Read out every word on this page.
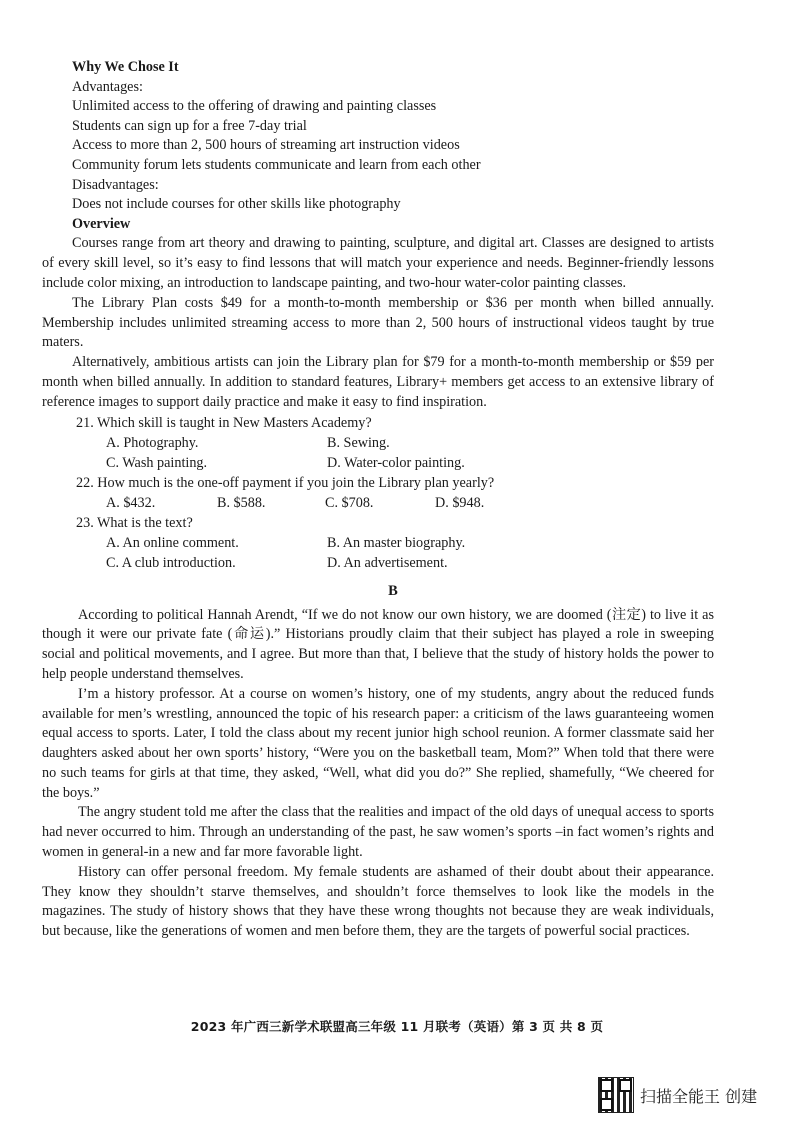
Why We Chose It
Advantages:
Unlimited access to the offering of drawing and painting classes
Students can sign up for a free 7-day trial
Access to more than 2, 500 hours of streaming art instruction videos
Community forum lets students communicate and learn from each other
Disadvantages:
Does not include courses for other skills like photography
Overview

Courses range from art theory and drawing to painting, sculpture, and digital art. Classes are designed to artists of every skill level, so it’s easy to find lessons that will match your experience and needs. Beginner-friendly lessons include color mixing, an introduction to landscape painting, and two-hour water-color painting classes.

The Library Plan costs $49 for a month-to-month membership or $36 per month when billed annually. Membership includes unlimited streaming access to more than 2, 500 hours of instructional videos taught by true maters.

Alternatively, ambitious artists can join the Library plan for $79 for a month-to-month membership or $59 per month when billed annually. In addition to standard features, Library+ members get access to an extensive library of reference images to support daily practice and make it easy to find inspiration.

21. Which skill is taught in New Masters Academy?
A. Photography.	B. Sewing.
C. Wash painting.	D. Water-color painting.
22. How much is the one-off payment if you join the Library plan yearly?
A. $432.	B. $588.	C. $708.	D. $948.
23. What is the text?
A. An online comment.	B. An master biography.
C. A club introduction.	D. An advertisement.
B

According to political Hannah Arendt, “If we do not know our own history, we are doomed (注定) to live it as though it were our private fate (命运).” Historians proudly claim that their subject has played a role in sweeping social and political movements, and I agree. But more than that, I believe that the study of history holds the power to help people understand themselves.

I’m a history professor. At a course on women’s history, one of my students, angry about the reduced funds available for men’s wrestling, announced the topic of his research paper: a criticism of the laws guaranteeing women equal access to sports. Later, I told the class about my recent junior high school reunion. A former classmate said her daughters asked about her own sports’ history, “Were you on the basketball team, Mom?” When told that there were no such teams for girls at that time, they asked, “Well, what did you do?” She replied, shamefully, “We cheered for the boys.”

The angry student told me after the class that the realities and impact of the old days of unequal access to sports had never occurred to him. Through an understanding of the past, he saw women’s sports –in fact women’s rights and women in general-in a new and far more favorable light.

History can offer personal freedom. My female students are ashamed of their doubt about their appearance. They know they shouldn’t starve themselves, and shouldn’t force themselves to look like the models in the magazines. The study of history shows that they have these wrong thoughts not because they are weak individuals, but because, like the generations of women and men before them, they are the targets of powerful social practices.

2023 年广西三新学术联盟高三年级 11 月联考（英语）第 3 页 共 8 页
扫描全能王 创建
